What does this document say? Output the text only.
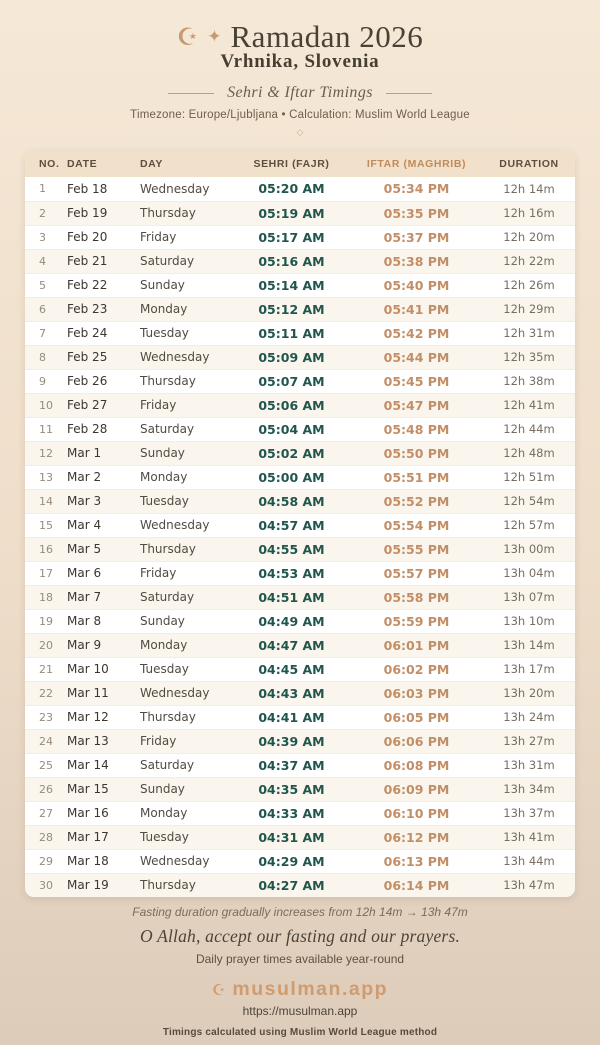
☪ ✦ Ramadan 2026
Vrhnika, Slovenia
Sehri & Iftar Timings
Timezone: Europe/Ljubljana • Calculation: Muslim World League
◇
NO.	DATE	DAY	SEHRI (FAJR)	IFTAR (MAGHRIB)	DURATION
1	Feb 18	Wednesday	05:20 AM	05:34 PM	12h 14m
2	Feb 19	Thursday	05:19 AM	05:35 PM	12h 16m
3	Feb 20	Friday	05:17 AM	05:37 PM	12h 20m
4	Feb 21	Saturday	05:16 AM	05:38 PM	12h 22m
5	Feb 22	Sunday	05:14 AM	05:40 PM	12h 26m
6	Feb 23	Monday	05:12 AM	05:41 PM	12h 29m
7	Feb 24	Tuesday	05:11 AM	05:42 PM	12h 31m
8	Feb 25	Wednesday	05:09 AM	05:44 PM	12h 35m
9	Feb 26	Thursday	05:07 AM	05:45 PM	12h 38m
10	Feb 27	Friday	05:06 AM	05:47 PM	12h 41m
11	Feb 28	Saturday	05:04 AM	05:48 PM	12h 44m
12	Mar 1	Sunday	05:02 AM	05:50 PM	12h 48m
13	Mar 2	Monday	05:00 AM	05:51 PM	12h 51m
14	Mar 3	Tuesday	04:58 AM	05:52 PM	12h 54m
15	Mar 4	Wednesday	04:57 AM	05:54 PM	12h 57m
16	Mar 5	Thursday	04:55 AM	05:55 PM	13h 00m
17	Mar 6	Friday	04:53 AM	05:57 PM	13h 04m
18	Mar 7	Saturday	04:51 AM	05:58 PM	13h 07m
19	Mar 8	Sunday	04:49 AM	05:59 PM	13h 10m
20	Mar 9	Monday	04:47 AM	06:01 PM	13h 14m
21	Mar 10	Tuesday	04:45 AM	06:02 PM	13h 17m
22	Mar 11	Wednesday	04:43 AM	06:03 PM	13h 20m
23	Mar 12	Thursday	04:41 AM	06:05 PM	13h 24m
24	Mar 13	Friday	04:39 AM	06:06 PM	13h 27m
25	Mar 14	Saturday	04:37 AM	06:08 PM	13h 31m
26	Mar 15	Sunday	04:35 AM	06:09 PM	13h 34m
27	Mar 16	Monday	04:33 AM	06:10 PM	13h 37m
28	Mar 17	Tuesday	04:31 AM	06:12 PM	13h 41m
29	Mar 18	Wednesday	04:29 AM	06:13 PM	13h 44m
30	Mar 19	Thursday	04:27 AM	06:14 PM	13h 47m
Fasting duration gradually increases from 12h 14m → 13h 47m
O Allah, accept our fasting and our prayers.
Daily prayer times available year-round
☪ musulman.app
https://musulman.app
Timings calculated using Muslim World League method
